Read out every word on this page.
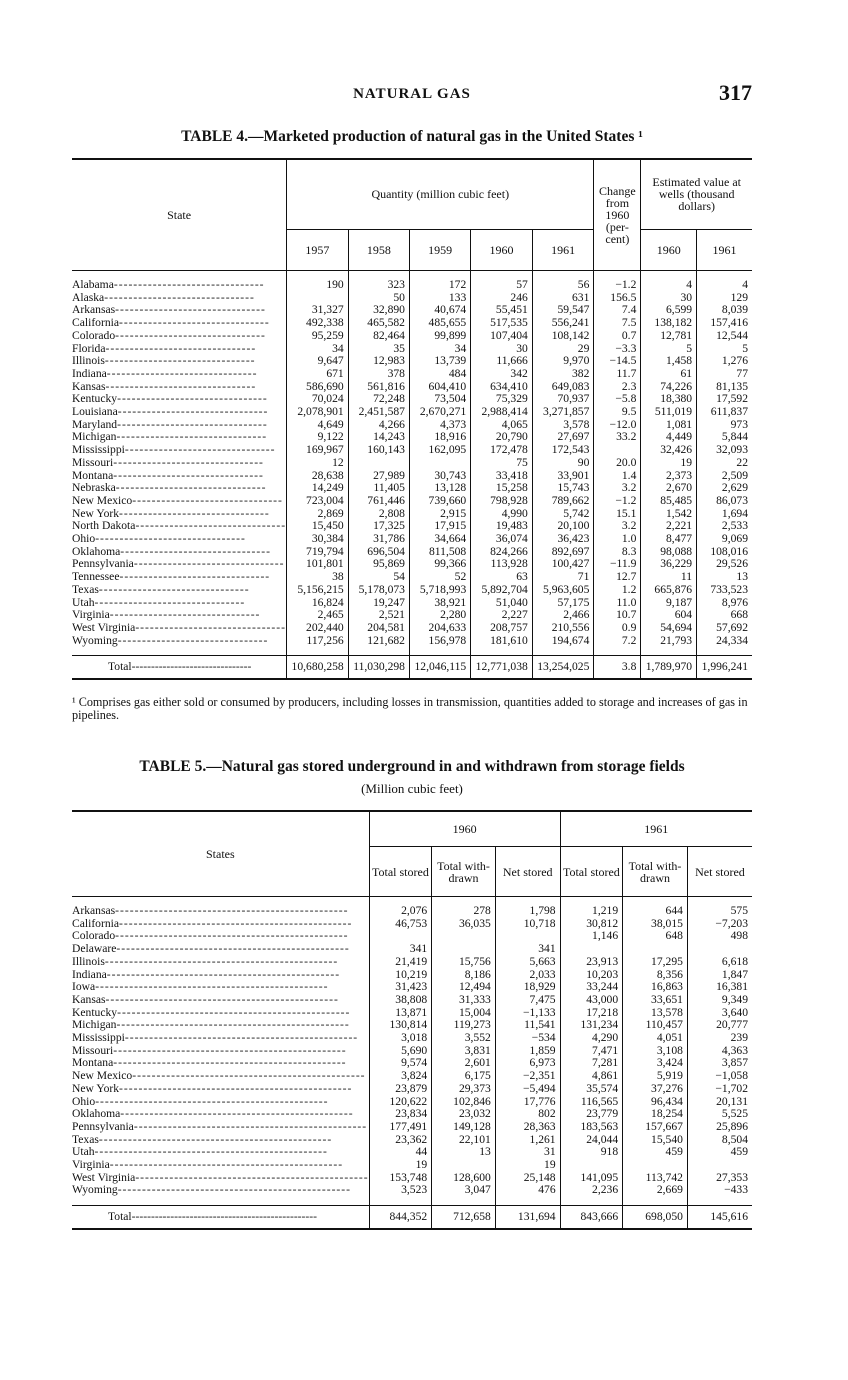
NATURAL GAS	317
TABLE 4.—Marketed production of natural gas in the United States ¹
State	Quantity (million cubic feet)					Change from 1960 (per-cent)	Estimated value at wells (thousand dollars)	
	1957	1958	1959	1960	1961		1960	1961

Alabama-------------------------------	190	323	172	57	56	−1.2	4	4
Alaska-------------------------------		50	133	246	631	156.5	30	129
Arkansas-------------------------------	31,327	32,890	40,674	55,451	59,547	7.4	6,599	8,039
California-------------------------------	492,338	465,582	485,655	517,535	556,241	7.5	138,182	157,416
Colorado-------------------------------	95,259	82,464	99,899	107,404	108,142	0.7	12,781	12,544
Florida-------------------------------	34	35	34	30	29	−3.3	5	5
Illinois-------------------------------	9,647	12,983	13,739	11,666	9,970	−14.5	1,458	1,276
Indiana-------------------------------	671	378	484	342	382	11.7	61	77
Kansas-------------------------------	586,690	561,816	604,410	634,410	649,083	2.3	74,226	81,135
Kentucky-------------------------------	70,024	72,248	73,504	75,329	70,937	−5.8	18,380	17,592
Louisiana-------------------------------	2,078,901	2,451,587	2,670,271	2,988,414	3,271,857	9.5	511,019	611,837
Maryland-------------------------------	4,649	4,266	4,373	4,065	3,578	−12.0	1,081	973
Michigan-------------------------------	9,122	14,243	18,916	20,790	27,697	33.2	4,449	5,844
Mississippi-------------------------------	169,967	160,143	162,095	172,478	172,543		32,426	32,093
Missouri-------------------------------	12			75	90	20.0	19	22
Montana-------------------------------	28,638	27,989	30,743	33,418	33,901	1.4	2,373	2,509
Nebraska-------------------------------	14,249	11,405	13,128	15,258	15,743	3.2	2,670	2,629
New Mexico-------------------------------	723,004	761,446	739,660	798,928	789,662	−1.2	85,485	86,073
New York-------------------------------	2,869	2,808	2,915	4,990	5,742	15.1	1,542	1,694
North Dakota-------------------------------	15,450	17,325	17,915	19,483	20,100	3.2	2,221	2,533
Ohio-------------------------------	30,384	31,786	34,664	36,074	36,423	1.0	8,477	9,069
Oklahoma-------------------------------	719,794	696,504	811,508	824,266	892,697	8.3	98,088	108,016
Pennsylvania-------------------------------	101,801	95,869	99,366	113,928	100,427	−11.9	36,229	29,526
Tennessee-------------------------------	38	54	52	63	71	12.7	11	13
Texas-------------------------------	5,156,215	5,178,073	5,718,993	5,892,704	5,963,605	1.2	665,876	733,523
Utah-------------------------------	16,824	19,247	38,921	51,040	57,175	11.0	9,187	8,976
Virginia-------------------------------	2,465	2,521	2,280	2,227	2,466	10.7	604	668
West Virginia-------------------------------	202,440	204,581	204,633	208,757	210,556	0.9	54,694	57,692
Wyoming-------------------------------	117,256	121,682	156,978	181,610	194,674	7.2	21,793	24,334

Total-------------------------------	10,680,258	11,030,298	12,046,115	12,771,038	13,254,025	3.8	1,789,970	1,996,241
¹ Comprises gas either sold or consumed by producers, including losses in transmission, quantities added to storage and increases of gas in pipelines.
TABLE 5.—Natural gas stored underground in and withdrawn from storage fields
(Million cubic feet)
States	1960			1961		
	Total stored	Total with-drawn	Net stored	Total stored	Total with-drawn	Net stored

Arkansas------------------------------------------------	2,076	278	1,798	1,219	644	575
California------------------------------------------------	46,753	36,035	10,718	30,812	38,015	−7,203
Colorado------------------------------------------------				1,146	648	498
Delaware------------------------------------------------	341		341			
Illinois------------------------------------------------	21,419	15,756	5,663	23,913	17,295	6,618
Indiana------------------------------------------------	10,219	8,186	2,033	10,203	8,356	1,847
Iowa------------------------------------------------	31,423	12,494	18,929	33,244	16,863	16,381
Kansas------------------------------------------------	38,808	31,333	7,475	43,000	33,651	9,349
Kentucky------------------------------------------------	13,871	15,004	−1,133	17,218	13,578	3,640
Michigan------------------------------------------------	130,814	119,273	11,541	131,234	110,457	20,777
Mississippi------------------------------------------------	3,018	3,552	−534	4,290	4,051	239
Missouri------------------------------------------------	5,690	3,831	1,859	7,471	3,108	4,363
Montana------------------------------------------------	9,574	2,601	6,973	7,281	3,424	3,857
New Mexico------------------------------------------------	3,824	6,175	−2,351	4,861	5,919	−1,058
New York------------------------------------------------	23,879	29,373	−5,494	35,574	37,276	−1,702
Ohio------------------------------------------------	120,622	102,846	17,776	116,565	96,434	20,131
Oklahoma------------------------------------------------	23,834	23,032	802	23,779	18,254	5,525
Pennsylvania------------------------------------------------	177,491	149,128	28,363	183,563	157,667	25,896
Texas------------------------------------------------	23,362	22,101	1,261	24,044	15,540	8,504
Utah------------------------------------------------	44	13	31	918	459	459
Virginia------------------------------------------------	19		19			
West Virginia------------------------------------------------	153,748	128,600	25,148	141,095	113,742	27,353
Wyoming------------------------------------------------	3,523	3,047	476	2,236	2,669	−433

Total------------------------------------------------	844,352	712,658	131,694	843,666	698,050	145,616
